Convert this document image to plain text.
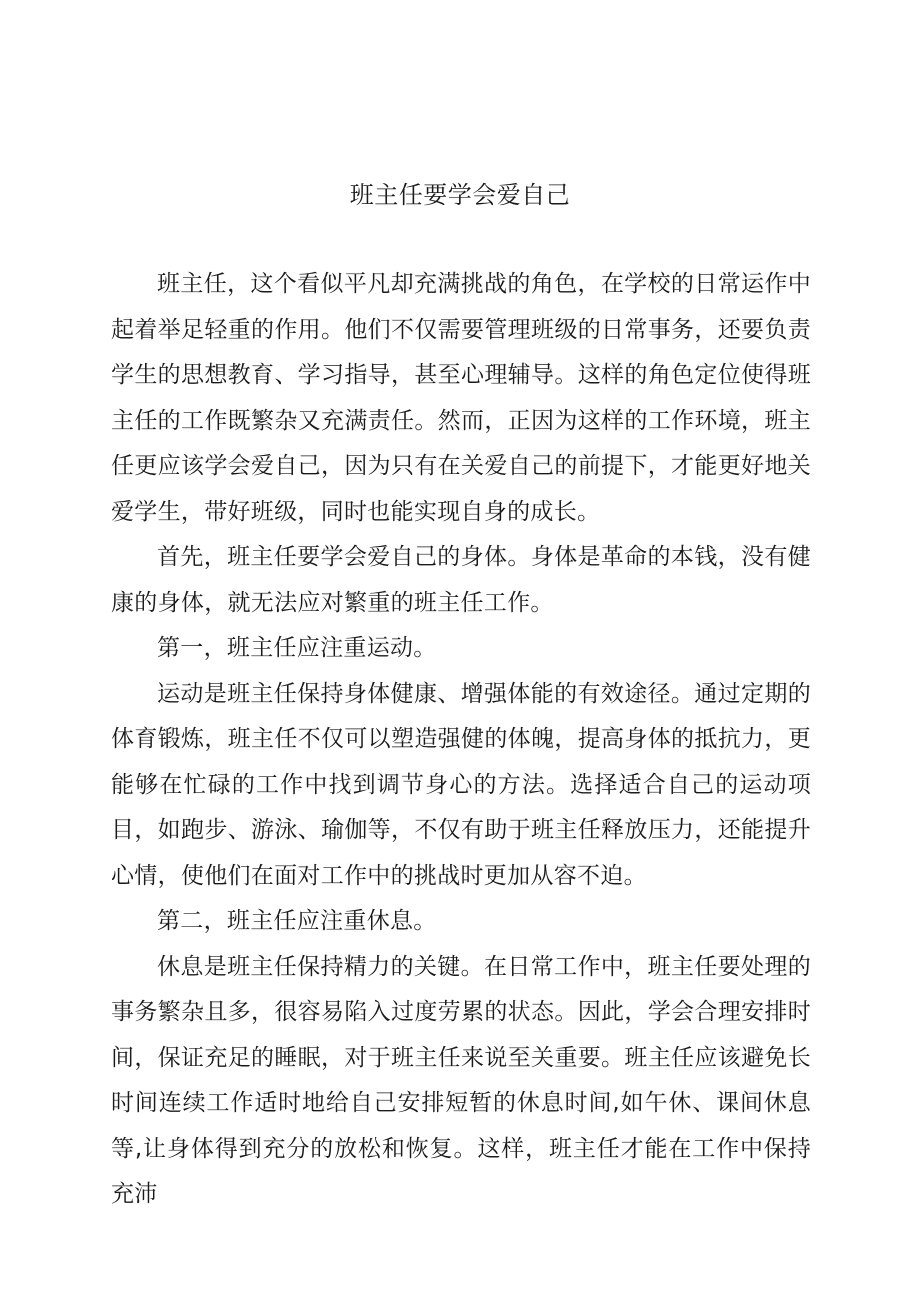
班主任要学会爱自己

班主任，这个看似平凡却充满挑战的角色，在学校的日常运作中起着举足轻重的作用。他们不仅需要管理班级的日常事务，还要负责学生的思想教育、学习指导，甚至心理辅导。这样的角色定位使得班主任的工作既繁杂又充满责任。然而，正因为这样的工作环境，班主任更应该学会爱自己，因为只有在关爱自己的前提下，才能更好地关爱学生，带好班级，同时也能实现自身的成长。

首先，班主任要学会爱自己的身体。身体是革命的本钱，没有健康的身体，就无法应对繁重的班主任工作。

第一，班主任应注重运动。

运动是班主任保持身体健康、增强体能的有效途径。通过定期的体育锻炼，班主任不仅可以塑造强健的体魄，提高身体的抵抗力，更能够在忙碌的工作中找到调节身心的方法。选择适合自己的运动项目，如跑步、游泳、瑜伽等，不仅有助于班主任释放压力，还能提升心情，使他们在面对工作中的挑战时更加从容不迫。

第二，班主任应注重休息。

休息是班主任保持精力的关键。在日常工作中，班主任要处理的事务繁杂且多，很容易陷入过度劳累的状态。因此，学会合理安排时间，保证充足的睡眠，对于班主任来说至关重要。班主任应该避免长时间连续工作适时地给自己安排短暂的休息时间,如午休、课间休息等,让身体得到充分的放松和恢复。这样，班主任才能在工作中保持充沛
